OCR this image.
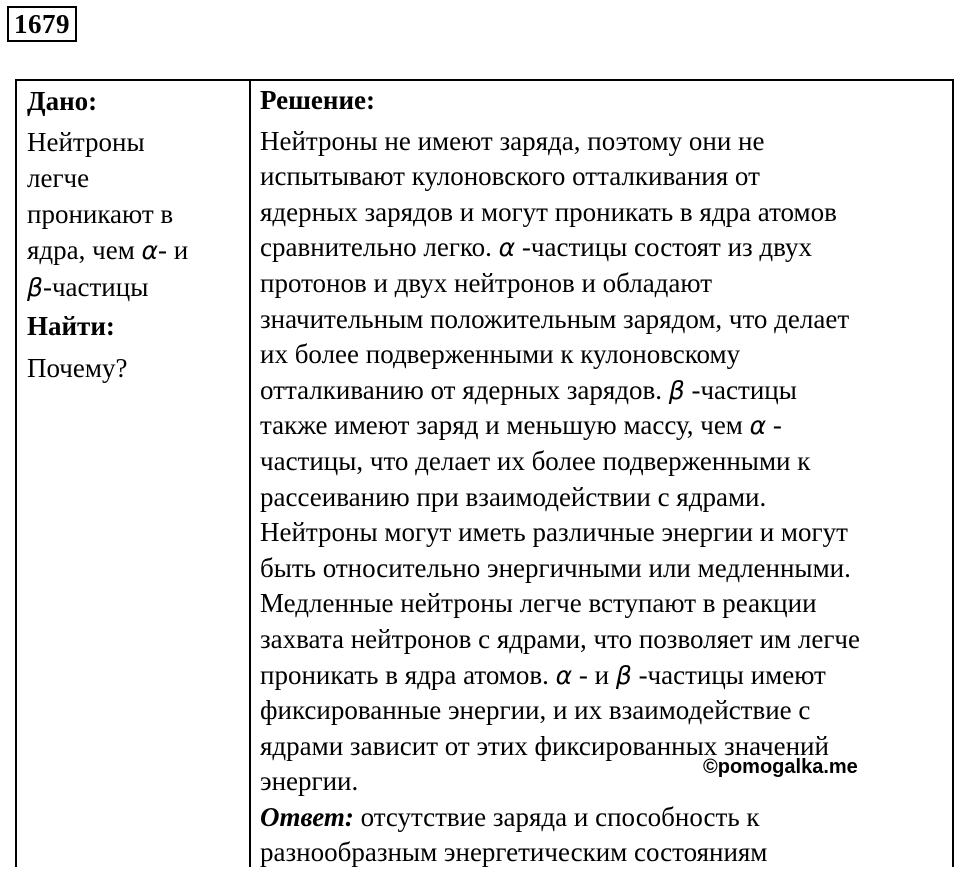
1679
Дано:
Нейтроны
легче
проникают в
ядра, чем α- и
β-частицы
Найти:
Почему?
Решение:
Нейтроны не имеют заряда, поэтому они не
испытывают кулоновского отталкивания от
ядерных зарядов и могут проникать в ядра атомов
сравнительно легко. α -частицы состоят из двух
протонов и двух нейтронов и обладают
значительным положительным зарядом, что делает
их более подверженными к кулоновскому
отталкиванию от ядерных зарядов. β -частицы
также имеют заряд и меньшую массу, чем α -
частицы, что делает их более подверженными к
рассеиванию при взаимодействии с ядрами.
Нейтроны могут иметь различные энергии и могут
быть относительно энергичными или медленными.
Медленные нейтроны легче вступают в реакции
захвата нейтронов с ядрами, что позволяет им легче
проникать в ядра атомов. α - и β -частицы имеют
фиксированные энергии, и их взаимодействие с
ядрами зависит от этих фиксированных значений
энергии.
Ответ: отсутствие заряда и способность к
разнообразным энергетическим состояниям
©pomogalka.me
